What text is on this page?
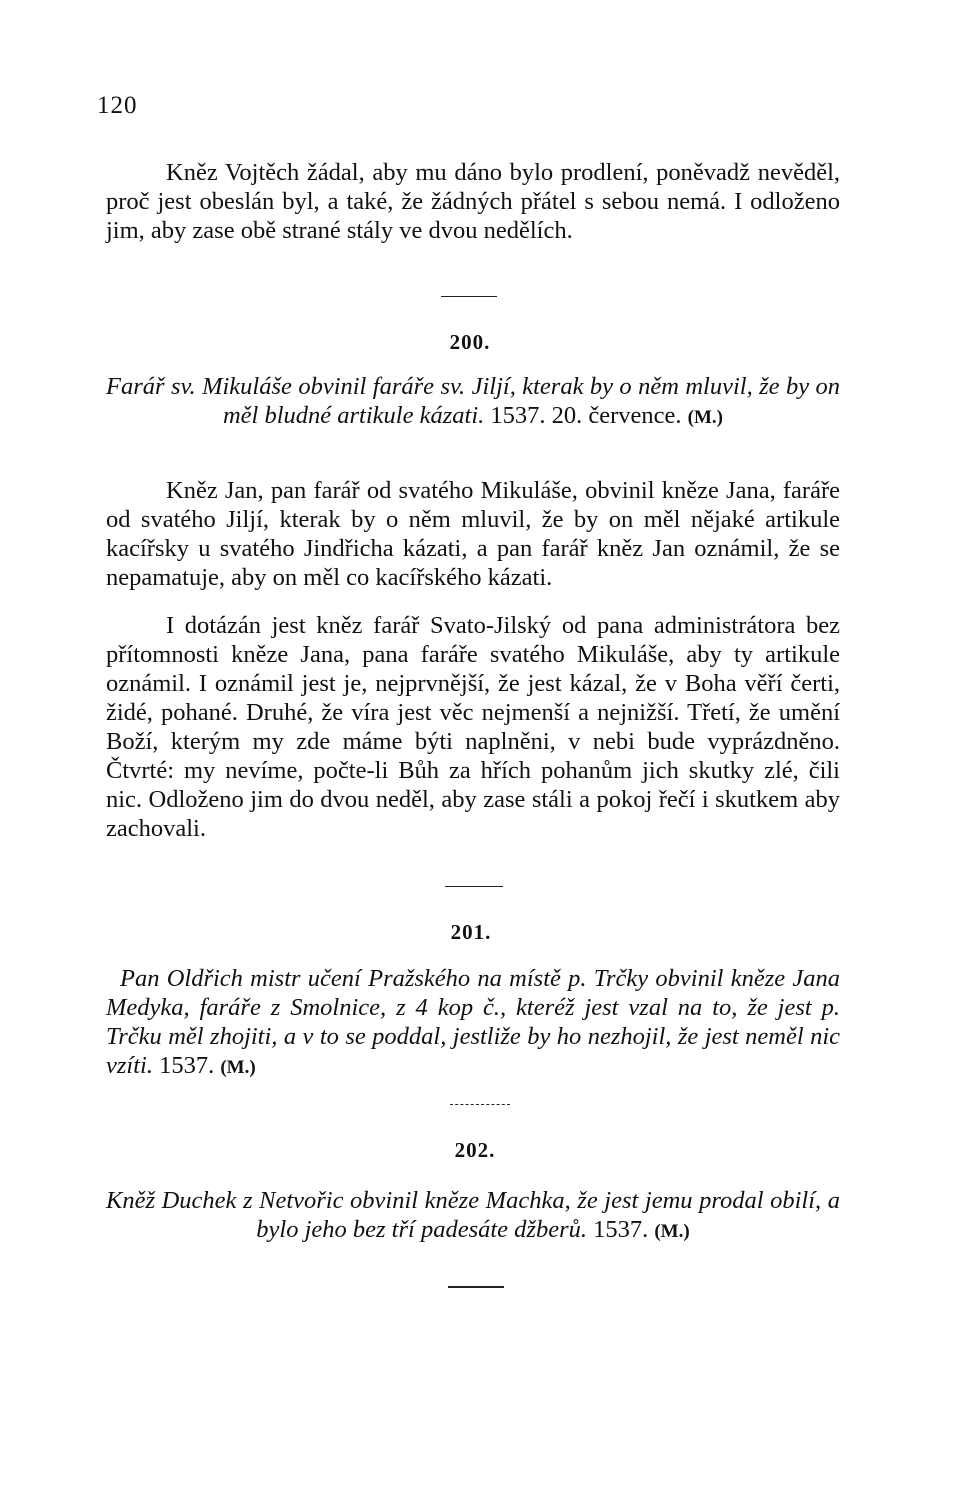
120

Kněz Vojtěch žádal, aby mu dáno bylo prodlení, poněvadž nevěděl, proč jest obeslán byl, a také, že žádných přátel s sebou nemá. I odloženo jim, aby zase obě strané stály ve dvou nedělích.

200.

Farář sv. Mikuláše obvinil faráře sv. Jiljí, kterak by o něm mluvil, že by on měl bludné artikule kázati. 1537. 20. července. (M.)

Kněz Jan, pan farář od svatého Mikuláše, obvinil kněze Jana, faráře od svatého Jiljí, kterak by o něm mluvil, že by on měl nějaké artikule kacířsky u svatého Jindřicha kázati, a pan farář kněz Jan oznámil, že se nepamatuje, aby on měl co kacířského kázati.

I dotázán jest kněz farář Svato-Jilský od pana administrátora bez přítomnosti kněze Jana, pana faráře svatého Mikuláše, aby ty artikule oznámil. I oznámil jest je, nejprvnější, že jest kázal, že v Boha věří čerti, židé, pohané. Druhé, že víra jest věc nejmenší a nejnižší. Třetí, že umění Boží, kterým my zde máme býti naplněni, v nebi bude vyprázdněno. Čtvrté: my nevíme, počte-li Bůh za hřích pohanům jich skutky zlé, čili nic. Odloženo jim do dvou neděl, aby zase stáli a pokoj řečí i skutkem aby zachovali.

201.

Pan Oldřich mistr učení Pražského na místě p. Trčky obvinil kněze Jana Medyka, faráře z Smolnice, z 4 kop č., kteréž jest vzal na to, že jest p. Trčku měl zhojiti, a v to se poddal, jestliže by ho nezhojil, že jest neměl nic vzíti. 1537. (M.)

202.

Kněž Duchek z Netvořic obvinil kněze Machka, že jest jemu prodal obilí, a bylo jeho bez tří padesáte džberů. 1537. (M.)
